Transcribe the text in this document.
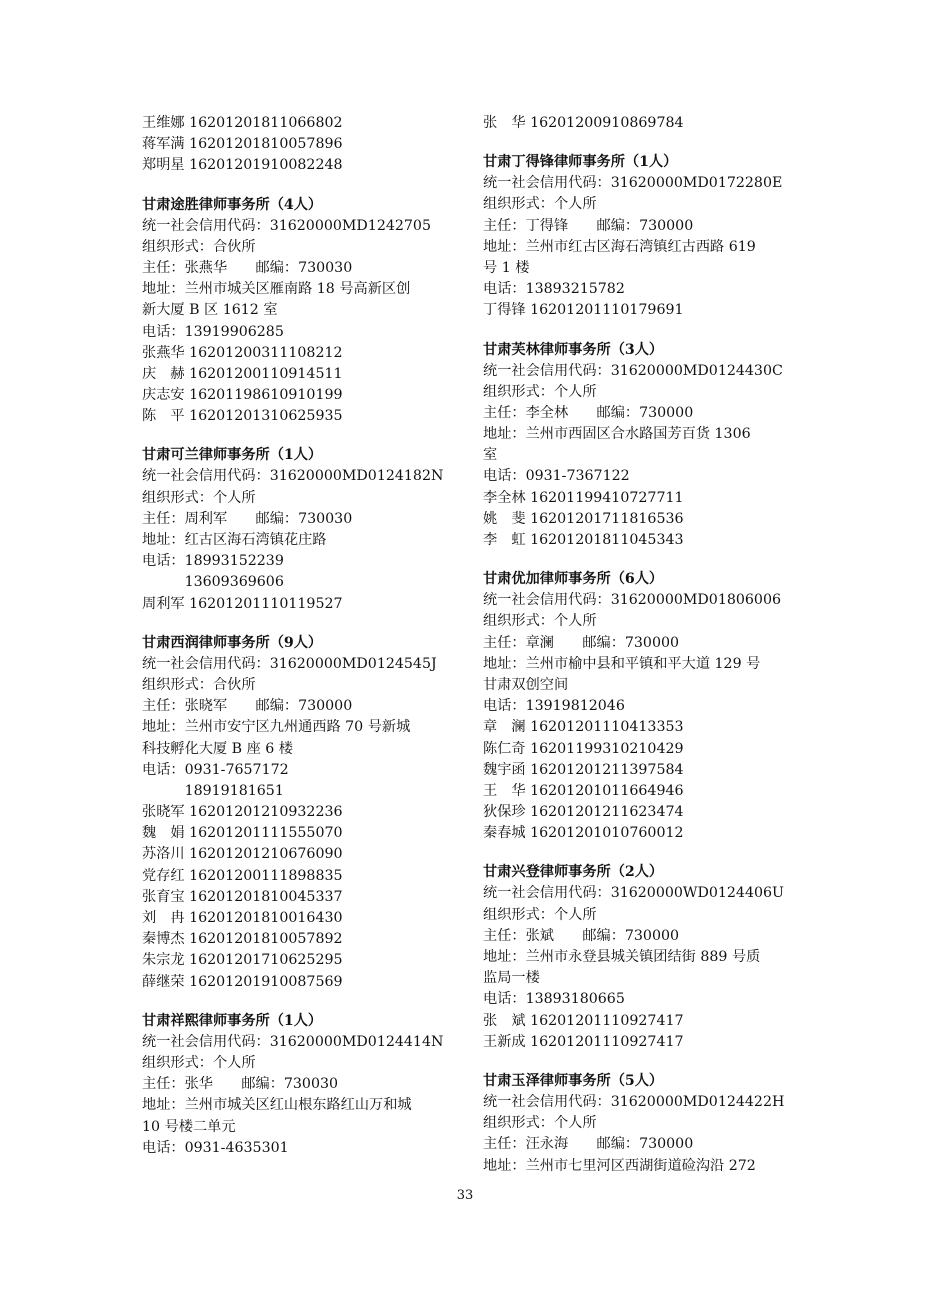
王维娜 16201201811066802
蒋军满 16201201810057896
郑明星 16201201910082248
甘肃途胜律师事务所（4人）
统一社会信用代码：31620000MD1242705
组织形式：合伙所
主任：张燕华　　邮编：730030
地址：兰州市城关区雁南路 18 号高新区创
新大厦 B 区 1612 室
电话：13919906285
张燕华 16201200311108212
庆　赫 16201200110914511
庆志安 16201198610910199
陈　平 16201201310625935
甘肃可兰律师事务所（1人）
统一社会信用代码：31620000MD0124182N
组织形式：个人所
主任：周利军　　邮编：730030
地址：红古区海石湾镇花庄路
电话：18993152239
　　　13609369606
周利军 16201201110119527
甘肃西润律师事务所（9人）
统一社会信用代码：31620000MD0124545J
组织形式：合伙所
主任：张晓军　　邮编：730000
地址：兰州市安宁区九州通西路 70 号新城
科技孵化大厦 B 座 6 楼
电话：0931-7657172
　　　18919181651
张晓军 16201201210932236
魏　娟 16201201111555070
苏洛川 16201201210676090
党存红 16201200111898835
张育宝 16201201810045337
刘　冉 16201201810016430
秦博杰 16201201810057892
朱宗龙 16201201710625295
薛继荣 16201201910087569
甘肃祥熙律师事务所（1人）
统一社会信用代码：31620000MD0124414N
组织形式：个人所
主任：张华　　邮编：730030
地址：兰州市城关区红山根东路红山万和城
10 号楼二单元
电话：0931-4635301
张　华 16201200910869784
甘肃丁得锋律师事务所（1人）
统一社会信用代码：31620000MD0172280E
组织形式：个人所
主任：丁得锋　　邮编：730000
地址：兰州市红古区海石湾镇红古西路 619
号 1 楼
电话：13893215782
丁得锋 16201201110179691
甘肃芙林律师事务所（3人）
统一社会信用代码：31620000MD0124430C
组织形式：个人所
主任：李全林　　邮编：730000
地址：兰州市西固区合水路国芳百货 1306
室
电话：0931-7367122
李全林 16201199410727711
姚　斐 16201201711816536
李　虹 16201201811045343
甘肃优加律师事务所（6人）
统一社会信用代码：31620000MD01806006
组织形式：个人所
主任：章澜　　邮编：730000
地址：兰州市榆中县和平镇和平大道 129 号
甘肃双创空间
电话：13919812046
章　澜 16201201110413353
陈仁奇 16201199310210429
魏宇函 16201201211397584
王　华 16201201011664946
狄保珍 16201201211623474
秦春城 16201201010760012
甘肃兴登律师事务所（2人）
统一社会信用代码：31620000WD0124406U
组织形式：个人所
主任：张斌　　邮编：730000
地址：兰州市永登县城关镇团结街 889 号质
监局一楼
电话：13893180665
张　斌 16201201110927417
王新成 16201201110927417
甘肃玉泽律师事务所（5人）
统一社会信用代码：31620000MD0124422H
组织形式：个人所
主任：汪永海　　邮编：730000
地址：兰州市七里河区西湖街道硷沟沿 272
33
